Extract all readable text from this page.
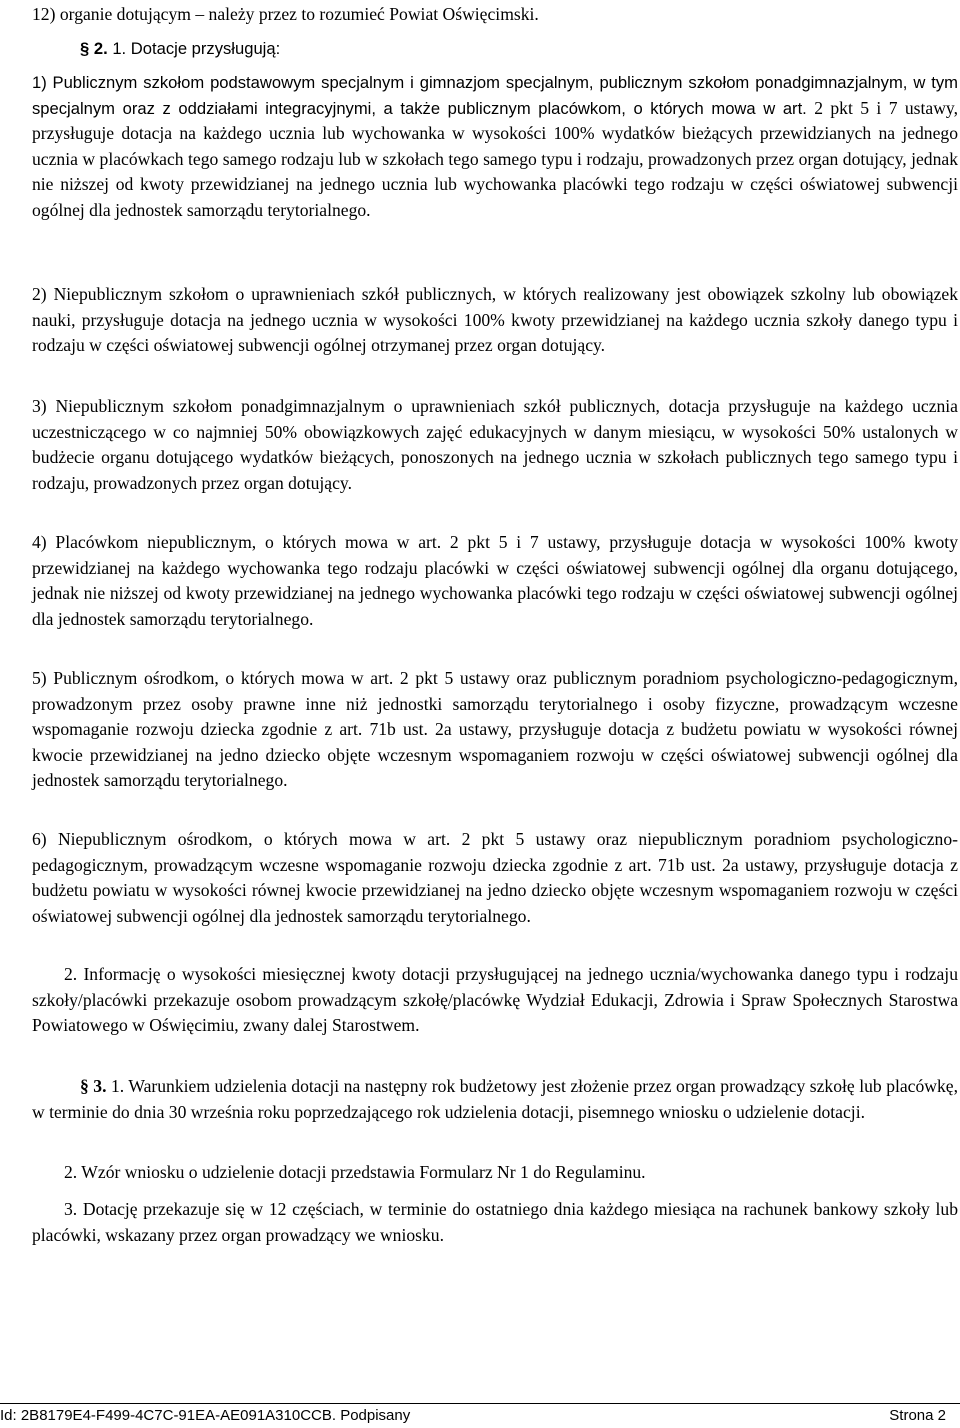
12) organie dotującym – należy przez to rozumieć Powiat Oświęcimski.

§ 2. 1. Dotacje przysługują:

1) Publicznym szkołom podstawowym specjalnym i gimnazjom specjalnym, publicznym szkołom ponadgimnazjalnym, w tym specjalnym oraz z oddziałami integracyjnymi, a także publicznym placówkom, o których mowa w art. 2 pkt 5 i 7 ustawy, przysługuje dotacja na każdego ucznia lub wychowanka w wysokości 100% wydatków bieżących przewidzianych na jednego ucznia w placówkach tego samego rodzaju lub w szkołach tego samego typu i rodzaju, prowadzonych przez organ dotujący, jednak nie niższej od kwoty przewidzianej na jednego ucznia lub wychowanka placówki tego rodzaju w części oświatowej subwencji ogólnej dla jednostek samorządu terytorialnego.

2) Niepublicznym szkołom o uprawnieniach szkół publicznych, w których realizowany jest obowiązek szkolny lub obowiązek nauki, przysługuje dotacja na jednego ucznia w wysokości 100% kwoty przewidzianej na każdego ucznia szkoły danego typu i rodzaju w części oświatowej subwencji ogólnej otrzymanej przez organ dotujący.

3) Niepublicznym szkołom ponadgimnazjalnym o uprawnieniach szkół publicznych, dotacja przysługuje na każdego ucznia uczestniczącego w co najmniej 50% obowiązkowych zajęć edukacyjnych w danym miesiącu, w wysokości 50% ustalonych w budżecie organu dotującego wydatków bieżących, ponoszonych na jednego ucznia w szkołach publicznych tego samego typu i rodzaju, prowadzonych przez organ dotujący.

4) Placówkom niepublicznym, o których mowa w art. 2 pkt 5 i 7 ustawy, przysługuje dotacja w wysokości 100% kwoty przewidzianej na każdego wychowanka tego rodzaju placówki w części oświatowej subwencji ogólnej dla organu dotującego, jednak nie niższej od kwoty przewidzianej na jednego wychowanka placówki tego rodzaju w części oświatowej subwencji ogólnej dla jednostek samorządu terytorialnego.

5) Publicznym ośrodkom, o których mowa w art. 2 pkt 5 ustawy oraz publicznym poradniom psychologiczno-pedagogicznym, prowadzonym przez osoby prawne inne niż jednostki samorządu terytorialnego i osoby fizyczne, prowadzącym wczesne wspomaganie rozwoju dziecka zgodnie z art. 71b ust. 2a ustawy, przysługuje dotacja z budżetu powiatu w wysokości równej kwocie przewidzianej na jedno dziecko objęte wczesnym wspomaganiem rozwoju w części oświatowej subwencji ogólnej dla jednostek samorządu terytorialnego.

6) Niepublicznym ośrodkom, o których mowa w art. 2 pkt 5 ustawy oraz niepublicznym poradniom psychologiczno-pedagogicznym, prowadzącym wczesne wspomaganie rozwoju dziecka zgodnie z art. 71b ust. 2a ustawy, przysługuje dotacja z budżetu powiatu w wysokości równej kwocie przewidzianej na jedno dziecko objęte wczesnym wspomaganiem rozwoju w części oświatowej subwencji ogólnej dla jednostek samorządu terytorialnego.

2. Informację o wysokości miesięcznej kwoty dotacji przysługującej na jednego ucznia/wychowanka danego typu i rodzaju szkoły/placówki przekazuje osobom prowadzącym szkołę/placówkę Wydział Edukacji, Zdrowia i Spraw Społecznych Starostwa Powiatowego w Oświęcimiu, zwany dalej Starostwem.

§ 3. 1. Warunkiem udzielenia dotacji na następny rok budżetowy jest złożenie przez organ prowadzący szkołę lub placówkę, w terminie do dnia 30 września roku poprzedzającego rok udzielenia dotacji, pisemnego wniosku o udzielenie dotacji.

2. Wzór wniosku o udzielenie dotacji przedstawia Formularz Nr 1 do Regulaminu.

3. Dotację przekazuje się w 12 częściach, w terminie do ostatniego dnia każdego miesiąca na rachunek bankowy szkoły lub placówki, wskazany przez organ prowadzący we wniosku.

Id: 2B8179E4-F499-4C7C-91EA-AE091A310CCB. Podpisany	Strona 2
